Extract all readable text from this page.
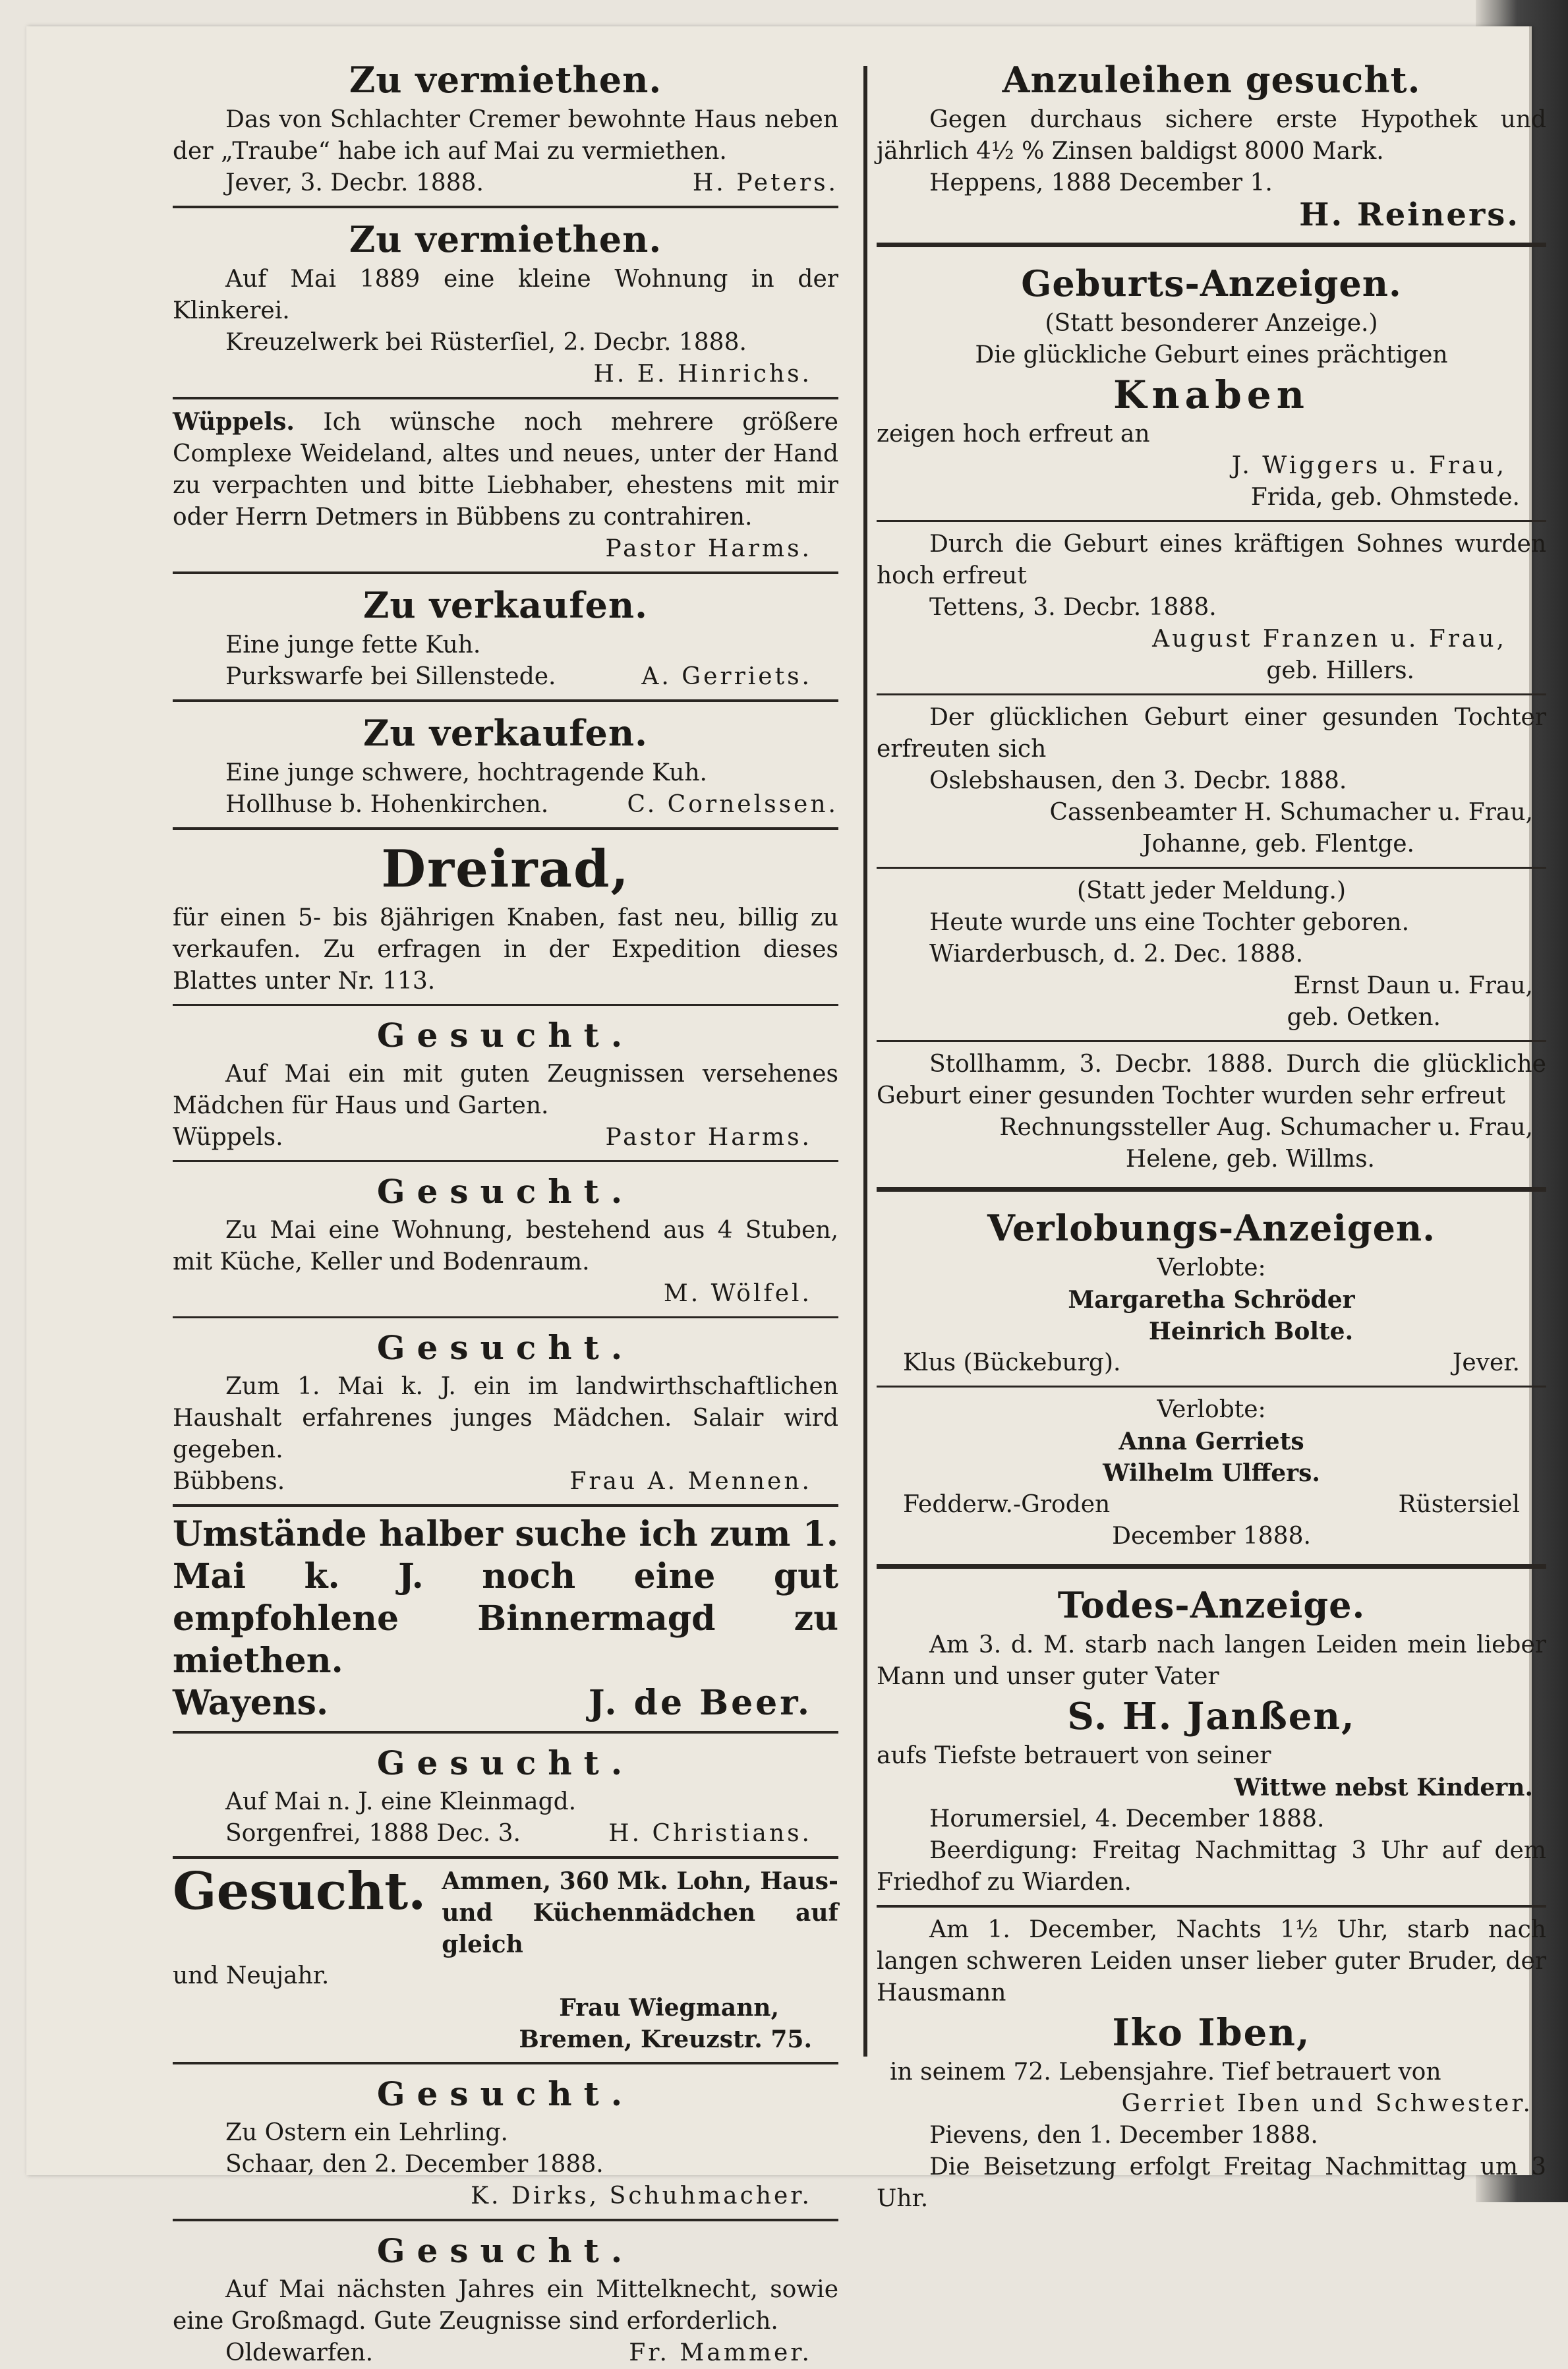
Zu vermiethen.
Das von Schlachter Cremer bewohnte Haus neben der „Traube“ habe ich auf Mai zu vermiethen.
Jever, 3. Decbr. 1888.	H. Peters.
Zu vermiethen.
Auf Mai 1889 eine kleine Wohnung in der Klinkerei.
Kreuzelwerk bei Rüsterſiel, 2. Decbr. 1888.
H. E. Hinrichs.
Wüppels. Ich wünsche noch mehrere größere Complexe Weideland, altes und neues, unter der Hand zu verpachten und bitte Liebhaber, ehestens mit mir oder Herrn Detmers in Bübbens zu contrahiren.
Pastor Harms.
Zu verkaufen.
Eine junge fette Kuh.
Purkswarfe bei Sillenstede.	A. Gerriets.
Zu verkaufen.
Eine junge schwere, hochtragende Kuh.
Hollhuse b. Hohenkirchen.	C. Cornelssen.
Dreirad,
für einen 5- bis 8jährigen Knaben, fast neu, billig zu verkaufen. Zu erfragen in der Expedition dieses Blattes unter Nr. 113.
Gesucht.
Auf Mai ein mit guten Zeugnissen versehenes Mädchen für Haus und Garten.
Wüppels.	Pastor Harms.
Gesucht.
Zu Mai eine Wohnung, bestehend aus 4 Stuben, mit Küche, Keller und Bodenraum.
M. Wölfel.
Gesucht.
Zum 1. Mai k. J. ein im landwirthschaftlichen Haushalt erfahrenes junges Mädchen. Salair wird gegeben.
Bübbens.	Frau A. Mennen.
Umstände halber suche ich zum 1. Mai k. J. noch eine gut empfohlene Binnermagd zu miethen.
Wayens.	J. de Beer.
Gesucht.
Auf Mai n. J. eine Kleinmagd.
Sorgenfrei, 1888 Dec. 3.	H. Christians.
Gesucht. Ammen, 360 Mk. Lohn, Haus- und Küchenmädchen auf gleich
und Neujahr.
Frau Wiegmann,
Bremen, Kreuzstr. 75.
Gesucht.
Zu Ostern ein Lehrling.
Schaar, den 2. December 1888.
K. Dirks, Schuhmacher.
Gesucht.
Auf Mai nächsten Jahres ein Mittelknecht, sowie eine Großmagd. Gute Zeugnisse sind erforderlich.
Oldewarfen.	Fr. Mammer.
Anzuleihen gesucht.
Gegen durchaus sichere erste Hypothek und jährlich 4½ % Zinsen baldigst 8000 Mark.
Heppens, 1888 December 1.
H. Reiners.
Geburts-Anzeigen.
(Statt besonderer Anzeige.)
Die glückliche Geburt eines prächtigen
Knaben
zeigen hoch erfreut an
J. Wiggers u. Frau,
Frida, geb. Ohmstede.
Durch die Geburt eines kräftigen Sohnes wurden hoch erfreut
Tettens, 3. Decbr. 1888.
August Franzen u. Frau,
geb. Hillers.
Der glücklichen Geburt einer gesunden Tochter erfreuten sich
Oslebshausen, den 3. Decbr. 1888.
Cassenbeamter H. Schumacher u. Frau,
Johanne, geb. Flentge.
(Statt jeder Meldung.)
Heute wurde uns eine Tochter geboren.
Wiarderbusch, d. 2. Dec. 1888.
Ernst Daun u. Frau,
geb. Oetken.
Stollhamm, 3. Decbr. 1888. Durch die glückliche Geburt einer gesunden Tochter wurden sehr erfreut
Rechnungssteller Aug. Schumacher u. Frau,
Helene, geb. Willms.
Verlobungs-Anzeigen.
Verlobte:
Margaretha Schröder
Heinrich Bolte.
Klus (Bückeburg).	Jever.
Verlobte:
Anna Gerriets
Wilhelm Ulffers.
Fedderw.-Groden	Rüstersiel
December 1888.
Todes-Anzeige.
Am 3. d. M. starb nach langen Leiden mein lieber Mann und unser guter Vater
S. H. Janßen,
aufs Tiefste betrauert von seiner
Wittwe nebst Kindern.
Horumersiel, 4. December 1888.
Beerdigung: Freitag Nachmittag 3 Uhr auf dem Friedhof zu Wiarden.
Am 1. December, Nachts 1½ Uhr, starb nach langen schweren Leiden unser lieber guter Bruder, der Hausmann
Iko Iben,
in seinem 72. Lebensjahre. Tief betrauert von
Gerriet Iben und Schwester.
Pievens, den 1. December 1888.
Die Beisetzung erfolgt Freitag Nachmittag um 3 Uhr.
